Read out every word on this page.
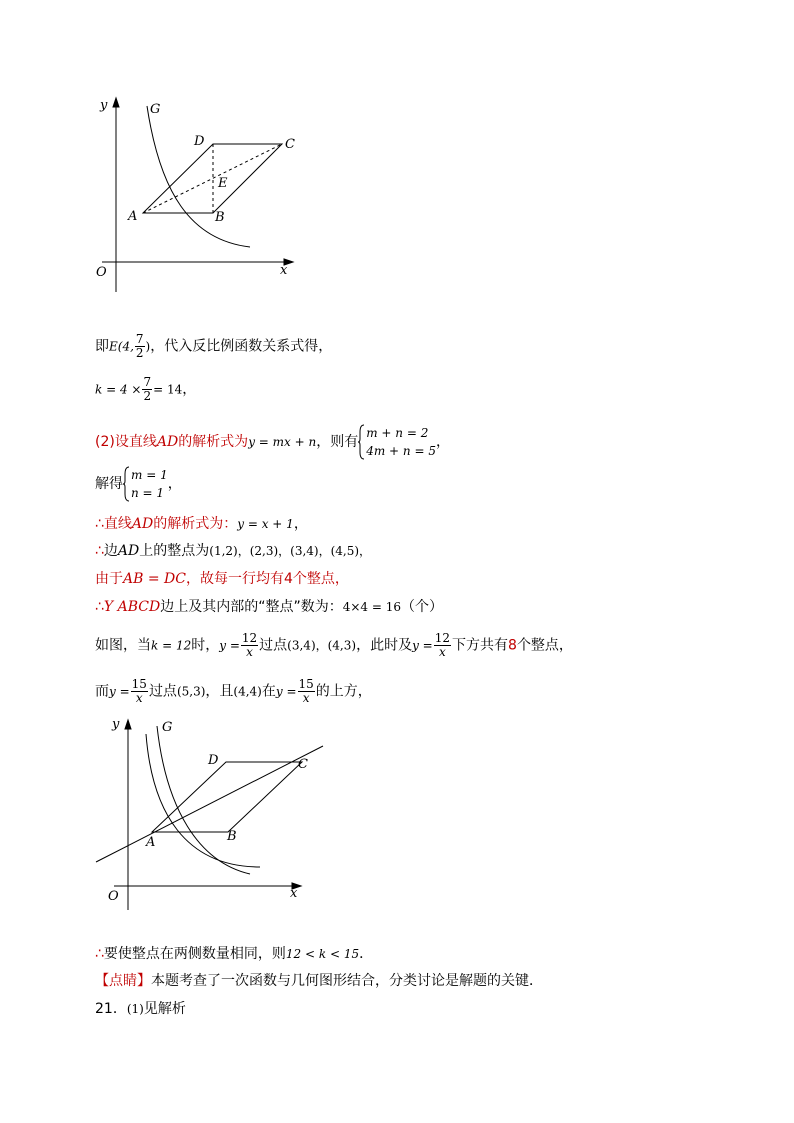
y
x
O
G
A	B
C
D
E
即E(4, $\frac{7}{2}$ )，代入反比例函数关系式得，
$k = 4 \times \frac{7}{2} = 14$，
(2)设直线AD的解析式为y = mx + n，则有
m + n = 2
4m + n = 5
，
解得
m = 1
n = 1
，
∴直线AD的解析式为：y = x + 1，
∴边AD上的整点为(1,2)，(2,3)，(3,4)，(4,5)，
由于AB = DC，故每一行均有4个整点，
∴Y ABCD边上及其内部的“整点”数为：4×4 = 16（个）
如图，当k = 12时，$y = \frac{12}{x}$ 过点(3,4)，(4,3)，此时及$y = \frac{12}{x}$ 下方共有8个整点，
而$y = \frac{15}{x}$ 过点(5,3)，且(4,4)在$y = \frac{15}{x}$ 的上方，
y
x
O
G
A	B
C
D
∴要使整点在两侧数量相同，则12 < k < 15．
【点睛】本题考查了一次函数与几何图形结合，分类讨论是解题的关键．
21．(1)见解析
